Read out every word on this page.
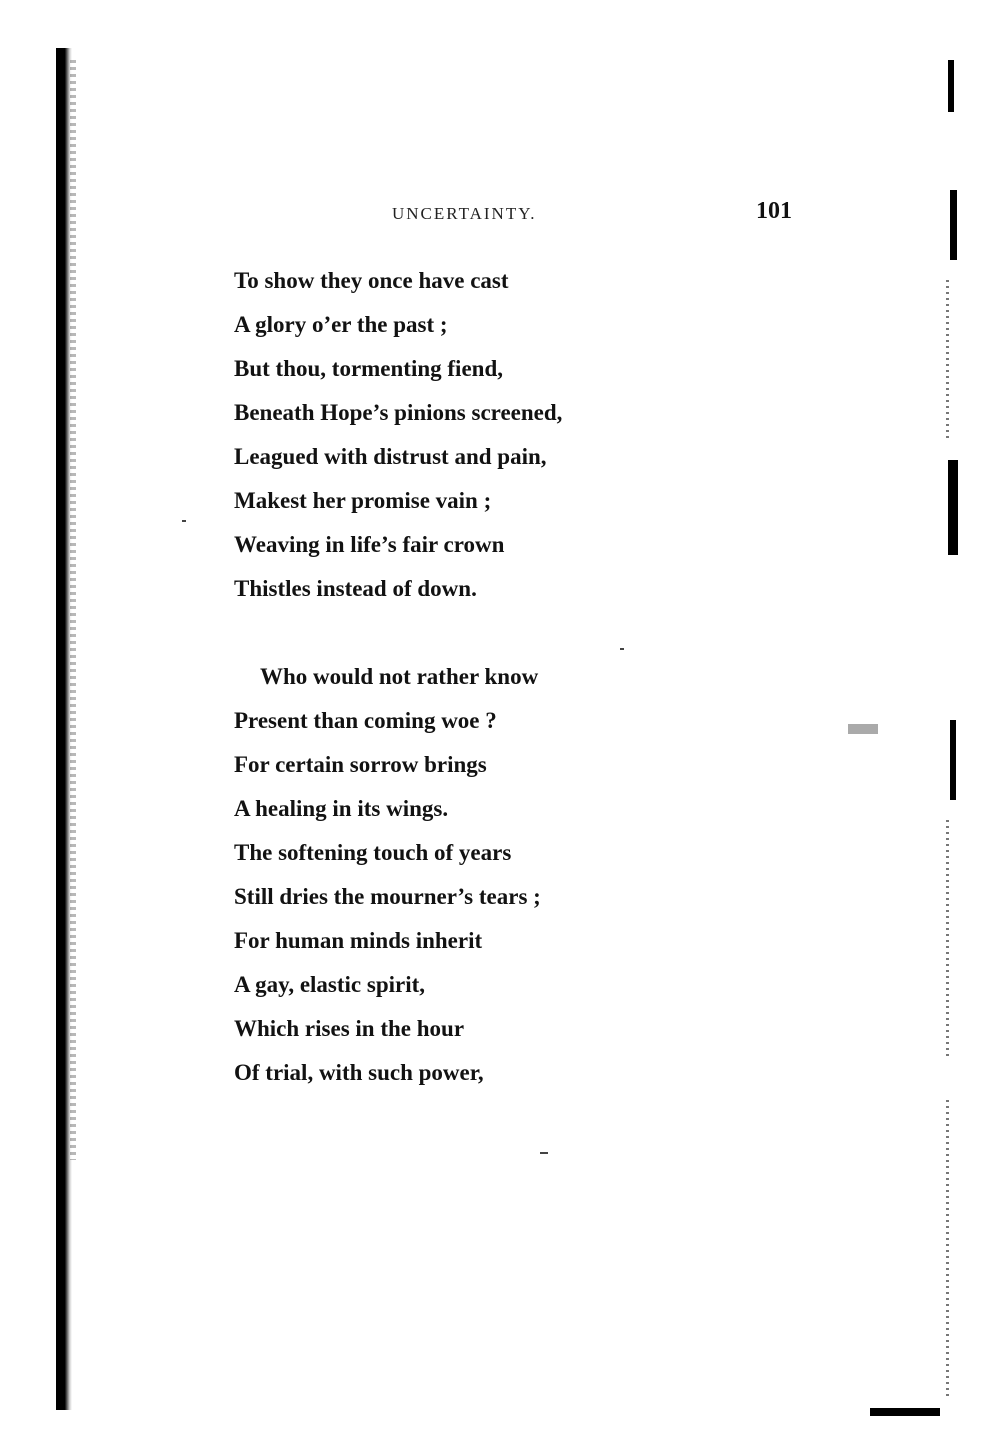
UNCERTAINTY.	101
To show they once have cast
A glory o’er the past ;
But thou, tormenting fiend,
Beneath Hope’s pinions screened,
Leagued with distrust and pain,
Makest her promise vain ;
Weaving in life’s fair crown
Thistles instead of down.
Who would not rather know
Present than coming woe ?
For certain sorrow brings
A healing in its wings.
The softening touch of years
Still dries the mourner’s tears ;
For human minds inherit
A gay, elastic spirit,
Which rises in the hour
Of trial, with such power,
